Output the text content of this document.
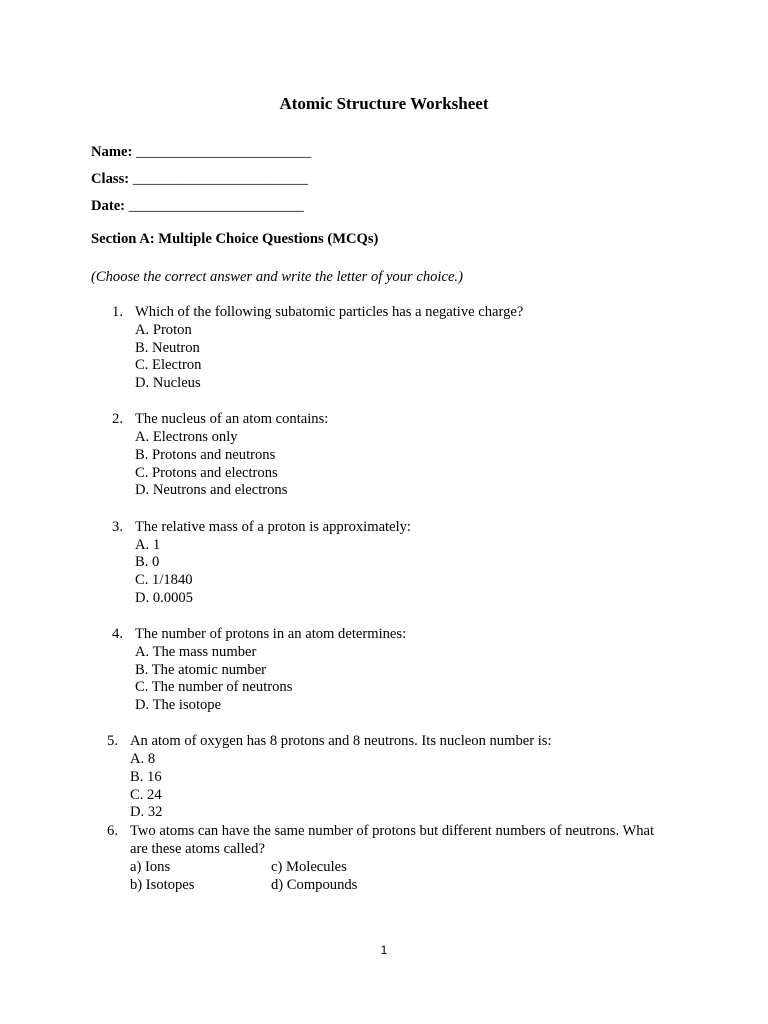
Atomic Structure Worksheet
Name: ________________________
Class: ________________________
Date: ________________________
Section A: Multiple Choice Questions (MCQs)
(Choose the correct answer and write the letter of your choice.)
1. Which of the following subatomic particles has a negative charge?
A. Proton
B. Neutron
C. Electron
D. Nucleus
2. The nucleus of an atom contains:
A. Electrons only
B. Protons and neutrons
C. Protons and electrons
D. Neutrons and electrons
3. The relative mass of a proton is approximately:
A. 1
B. 0
C. 1/1840
D. 0.0005
4. The number of protons in an atom determines:
A. The mass number
B. The atomic number
C. The number of neutrons
D. The isotope
5. An atom of oxygen has 8 protons and 8 neutrons. Its nucleon number is:
A. 8
B. 16
C. 24
D. 32
6. Two atoms can have the same number of protons but different numbers of neutrons. What
are these atoms called?
a) Ions	c) Molecules
b) Isotopes	d) Compounds
1
